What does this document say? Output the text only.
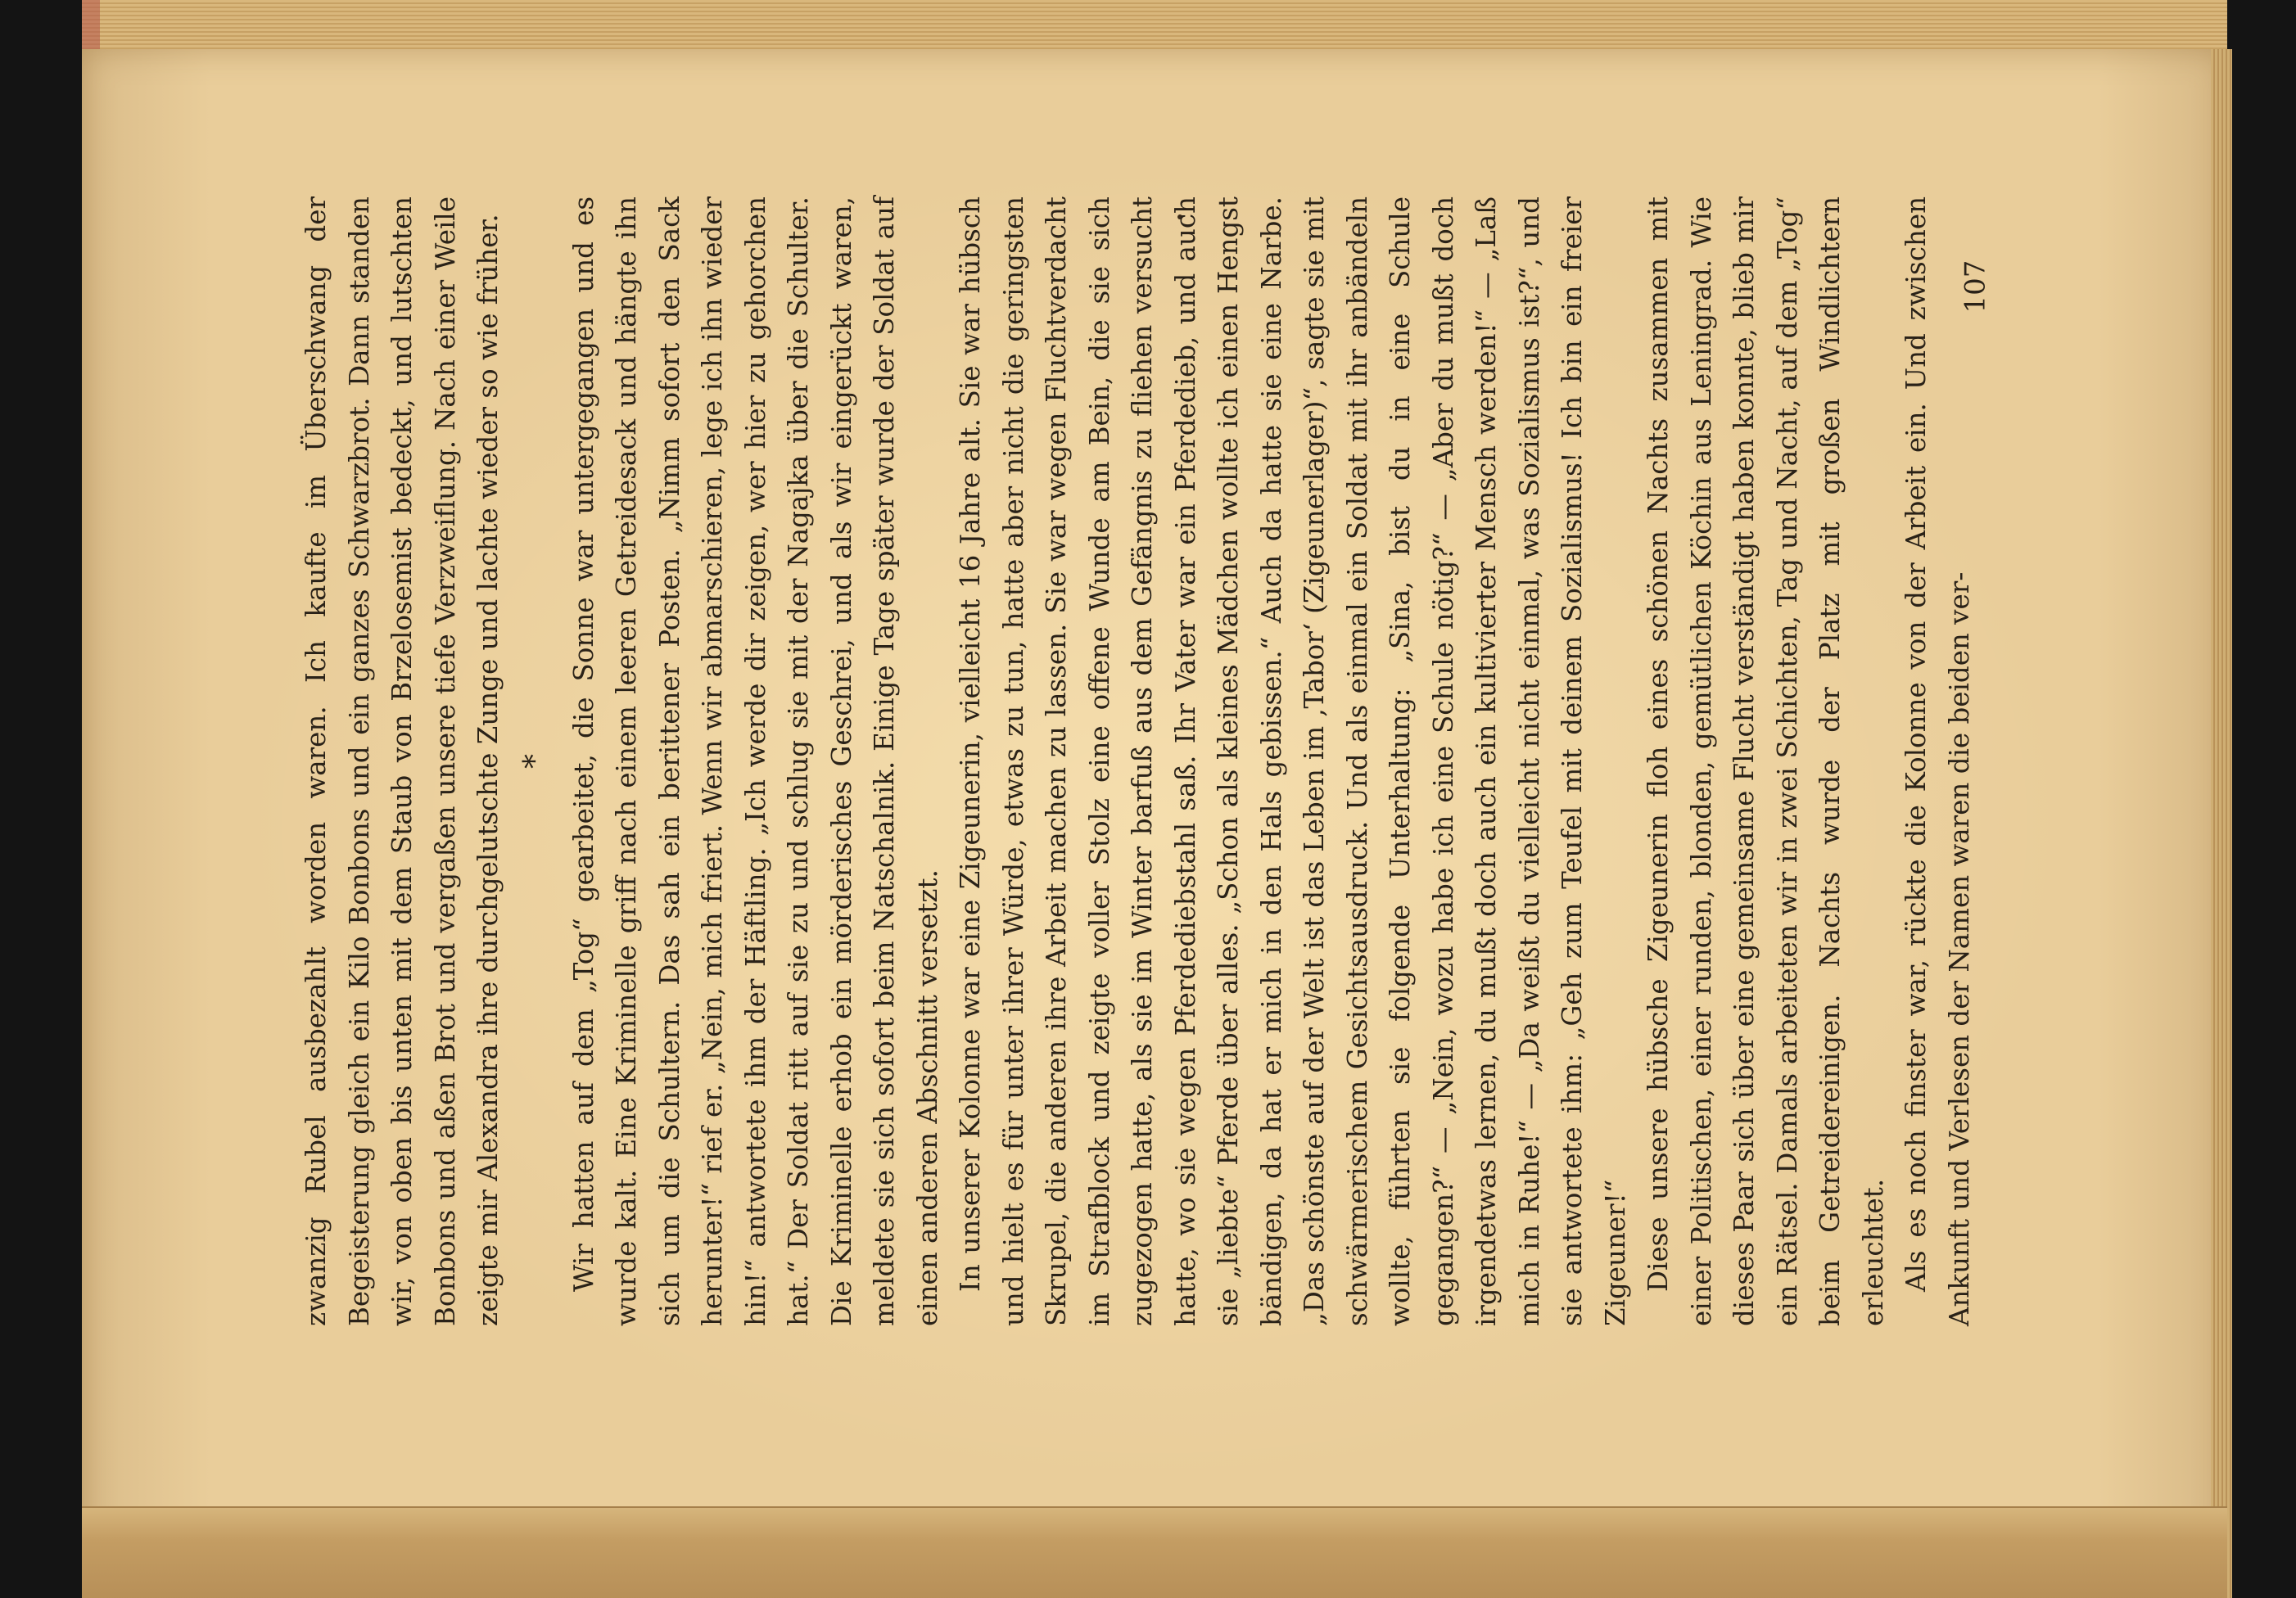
zwanzig Rubel ausbezahlt worden waren. Ich kaufte im Überschwang der Begeisterung gleich ein Kilo Bonbons und ein ganzes Schwarzbrot. Dann standen wir, von oben bis unten mit dem Staub von Brzelosemist bedeckt, und lutschten Bonbons und aßen Brot und vergaßen unsere tiefe Verzweiflung. Nach einer Weile zeigte mir Alexandra ihre durchgelutschte Zunge und lachte wieder so wie früher. * Wir hatten auf dem „Tog“ gearbeitet, die Sonne war untergegangen und es wurde kalt. Eine Kriminelle griff nach einem leeren Getreidesack und hängte ihn sich um die Schultern. Das sah ein berittener Posten. „Nimm sofort den Sack herunter!“ rief er. „Nein, mich friert. Wenn wir abmarschieren, lege ich ihn wieder hin!“ antwortete ihm der Häftling. „Ich werde dir zeigen, wer hier zu gehorchen hat.“ Der Soldat ritt auf sie zu und schlug sie mit der Nagajka über die Schulter. Die Kriminelle erhob ein mörderisches Geschrei, und als wir eingerückt waren, meldete sie sich sofort beim Natschalnik. Einige Tage später wurde der Soldat auf einen anderen Abschnitt versetzt. In unserer Kolonne war eine Zigeunerin, vielleicht 16 Jahre alt. Sie war hübsch und hielt es für unter ihrer Würde, etwas zu tun, hatte aber nicht die geringsten Skrupel, die anderen ihre Arbeit machen zu lassen. Sie war wegen Fluchtverdacht im Strafblock und zeigte voller Stolz eine offene Wunde am Bein, die sie sich zugezogen hatte, als sie im Winter barfuß aus dem Gefängnis zu fliehen versucht hatte, wo sie wegen Pferdediebstahl saß. Ihr Vater war ein Pferdedieb, und auch sie „liebte“ Pferde über alles. „Schon als kleines Mädchen wollte ich einen Hengst bändigen, da hat er mich in den Hals gebissen.“ Auch da hatte sie eine Narbe. „Das schönste auf der Welt ist das Leben im ‚Tabor‘ (Zigeunerlager)“, sagte sie mit schwärmerischem Gesichtsausdruck. Und als einmal ein Soldat mit ihr anbändeln wollte, führten sie folgende Unterhaltung: „Sina, bist du in eine Schule gegangen?“ — „Nein, wozu habe ich eine Schule nötig?“ — „Aber du mußt doch irgendetwas lernen, du mußt doch auch ein kultivierter Mensch werden!“ — „Laß mich in Ruhe!“ — „Da weißt du vielleicht nicht einmal, was Sozialismus ist?“, und sie antwortete ihm: „Geh zum Teufel mit deinem Sozialismus! Ich bin ein freier Zigeuner!“ Diese unsere hübsche Zigeunerin floh eines schönen Nachts zusammen mit einer Politischen, einer runden, blonden, gemütlichen Köchin aus Leningrad. Wie dieses Paar sich über eine gemeinsame Flucht verständigt haben konnte, blieb mir ein Rätsel. Damals arbeiteten wir in zwei Schichten, Tag und Nacht, auf dem „Tog“ beim Getreidereinigen. Nachts wurde der Platz mit großen Windlichtern erleuchtet. Als es noch finster war, rückte die Kolonne von der Arbeit ein. Und zwischen Ankunft und Verlesen der Namen waren die beiden ver-

107
